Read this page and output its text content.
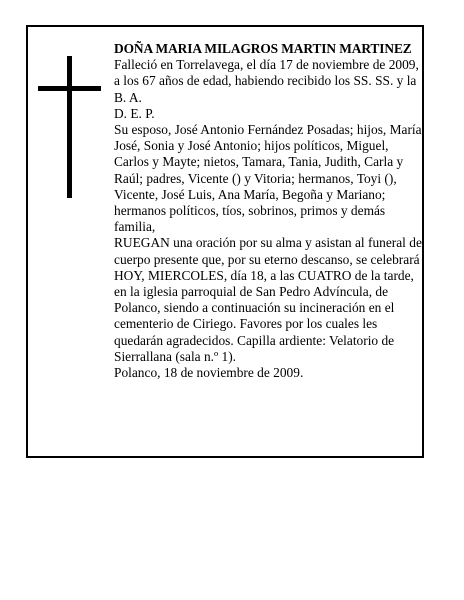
DOÑA MARIA MILAGROS MARTIN MARTINEZ

Falleció en Torrelavega, el día 17 de noviembre de 2009,

a los 67 años de edad, habiendo recibido los SS. SS. y la B. A.

D. E. P.

Su esposo, José Antonio Fernández Posadas; hijos, María José, Sonia y José Antonio; hijos políticos, Miguel, Carlos y Mayte; nietos, Tamara, Tania, Judith, Carla y Raúl; padres, Vicente () y Vitoria; hermanos, Toyi (), Vicente, José Luis, Ana María, Begoña y Mariano; hermanos políticos, tíos, sobrinos, primos y demás familia,

RUEGAN una oración por su alma y asistan al funeral de cuerpo presente que, por su eterno descanso, se celebrará HOY, MIERCOLES, día 18, a las CUATRO de la tarde, en la iglesia parroquial de San Pedro Advíncula, de Polanco, siendo a continuación su incineración en el cementerio de Ciriego. Favores por los cuales les quedarán agradecidos. Capilla ardiente: Velatorio de Sierrallana (sala n.º 1).

Polanco, 18 de noviembre de 2009.
